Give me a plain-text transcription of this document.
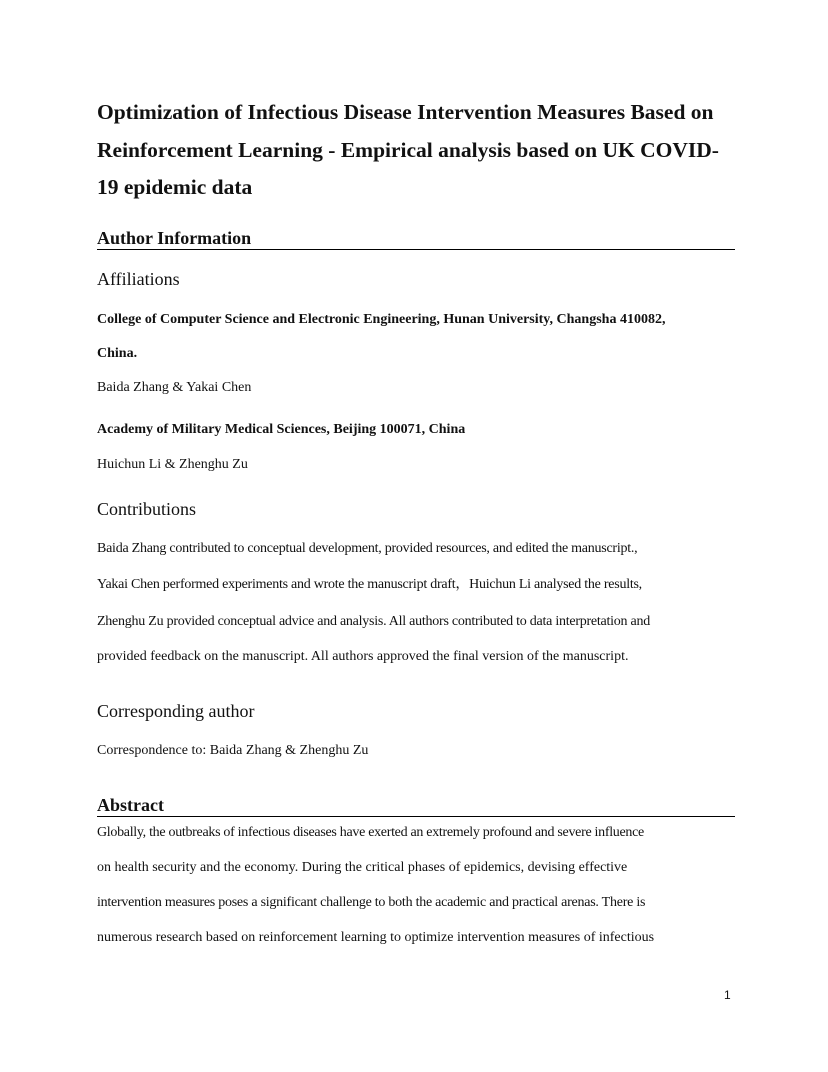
Optimization of Infectious Disease Intervention Measures Based on Reinforcement Learning - Empirical analysis based on UK COVID-19 epidemic data
Author Information
Affiliations

College of Computer Science and Electronic Engineering, Hunan University, Changsha 410082,

China.

Baida Zhang & Yakai Chen

Academy of Military Medical Sciences, Beijing 100071, China

Huichun Li & Zhenghu Zu

Contributions

Baida Zhang contributed to conceptual development, provided resources, and edited the manuscript.,
Yakai Chen performed experiments and wrote the manuscript draft，Huichun Li analysed the results,
Zhenghu Zu provided conceptual advice and analysis. All authors contributed to data interpretation and
provided feedback on the manuscript. All authors approved the final version of the manuscript.

Corresponding author

Correspondence to: Baida Zhang & Zhenghu Zu

Abstract

Globally, the outbreaks of infectious diseases have exerted an extremely profound and severe influence
on health security and the economy. During the critical phases of epidemics, devising effective
intervention measures poses a significant challenge to both the academic and practical arenas. There is
numerous research based on reinforcement learning to optimize intervention measures of infectious

1
